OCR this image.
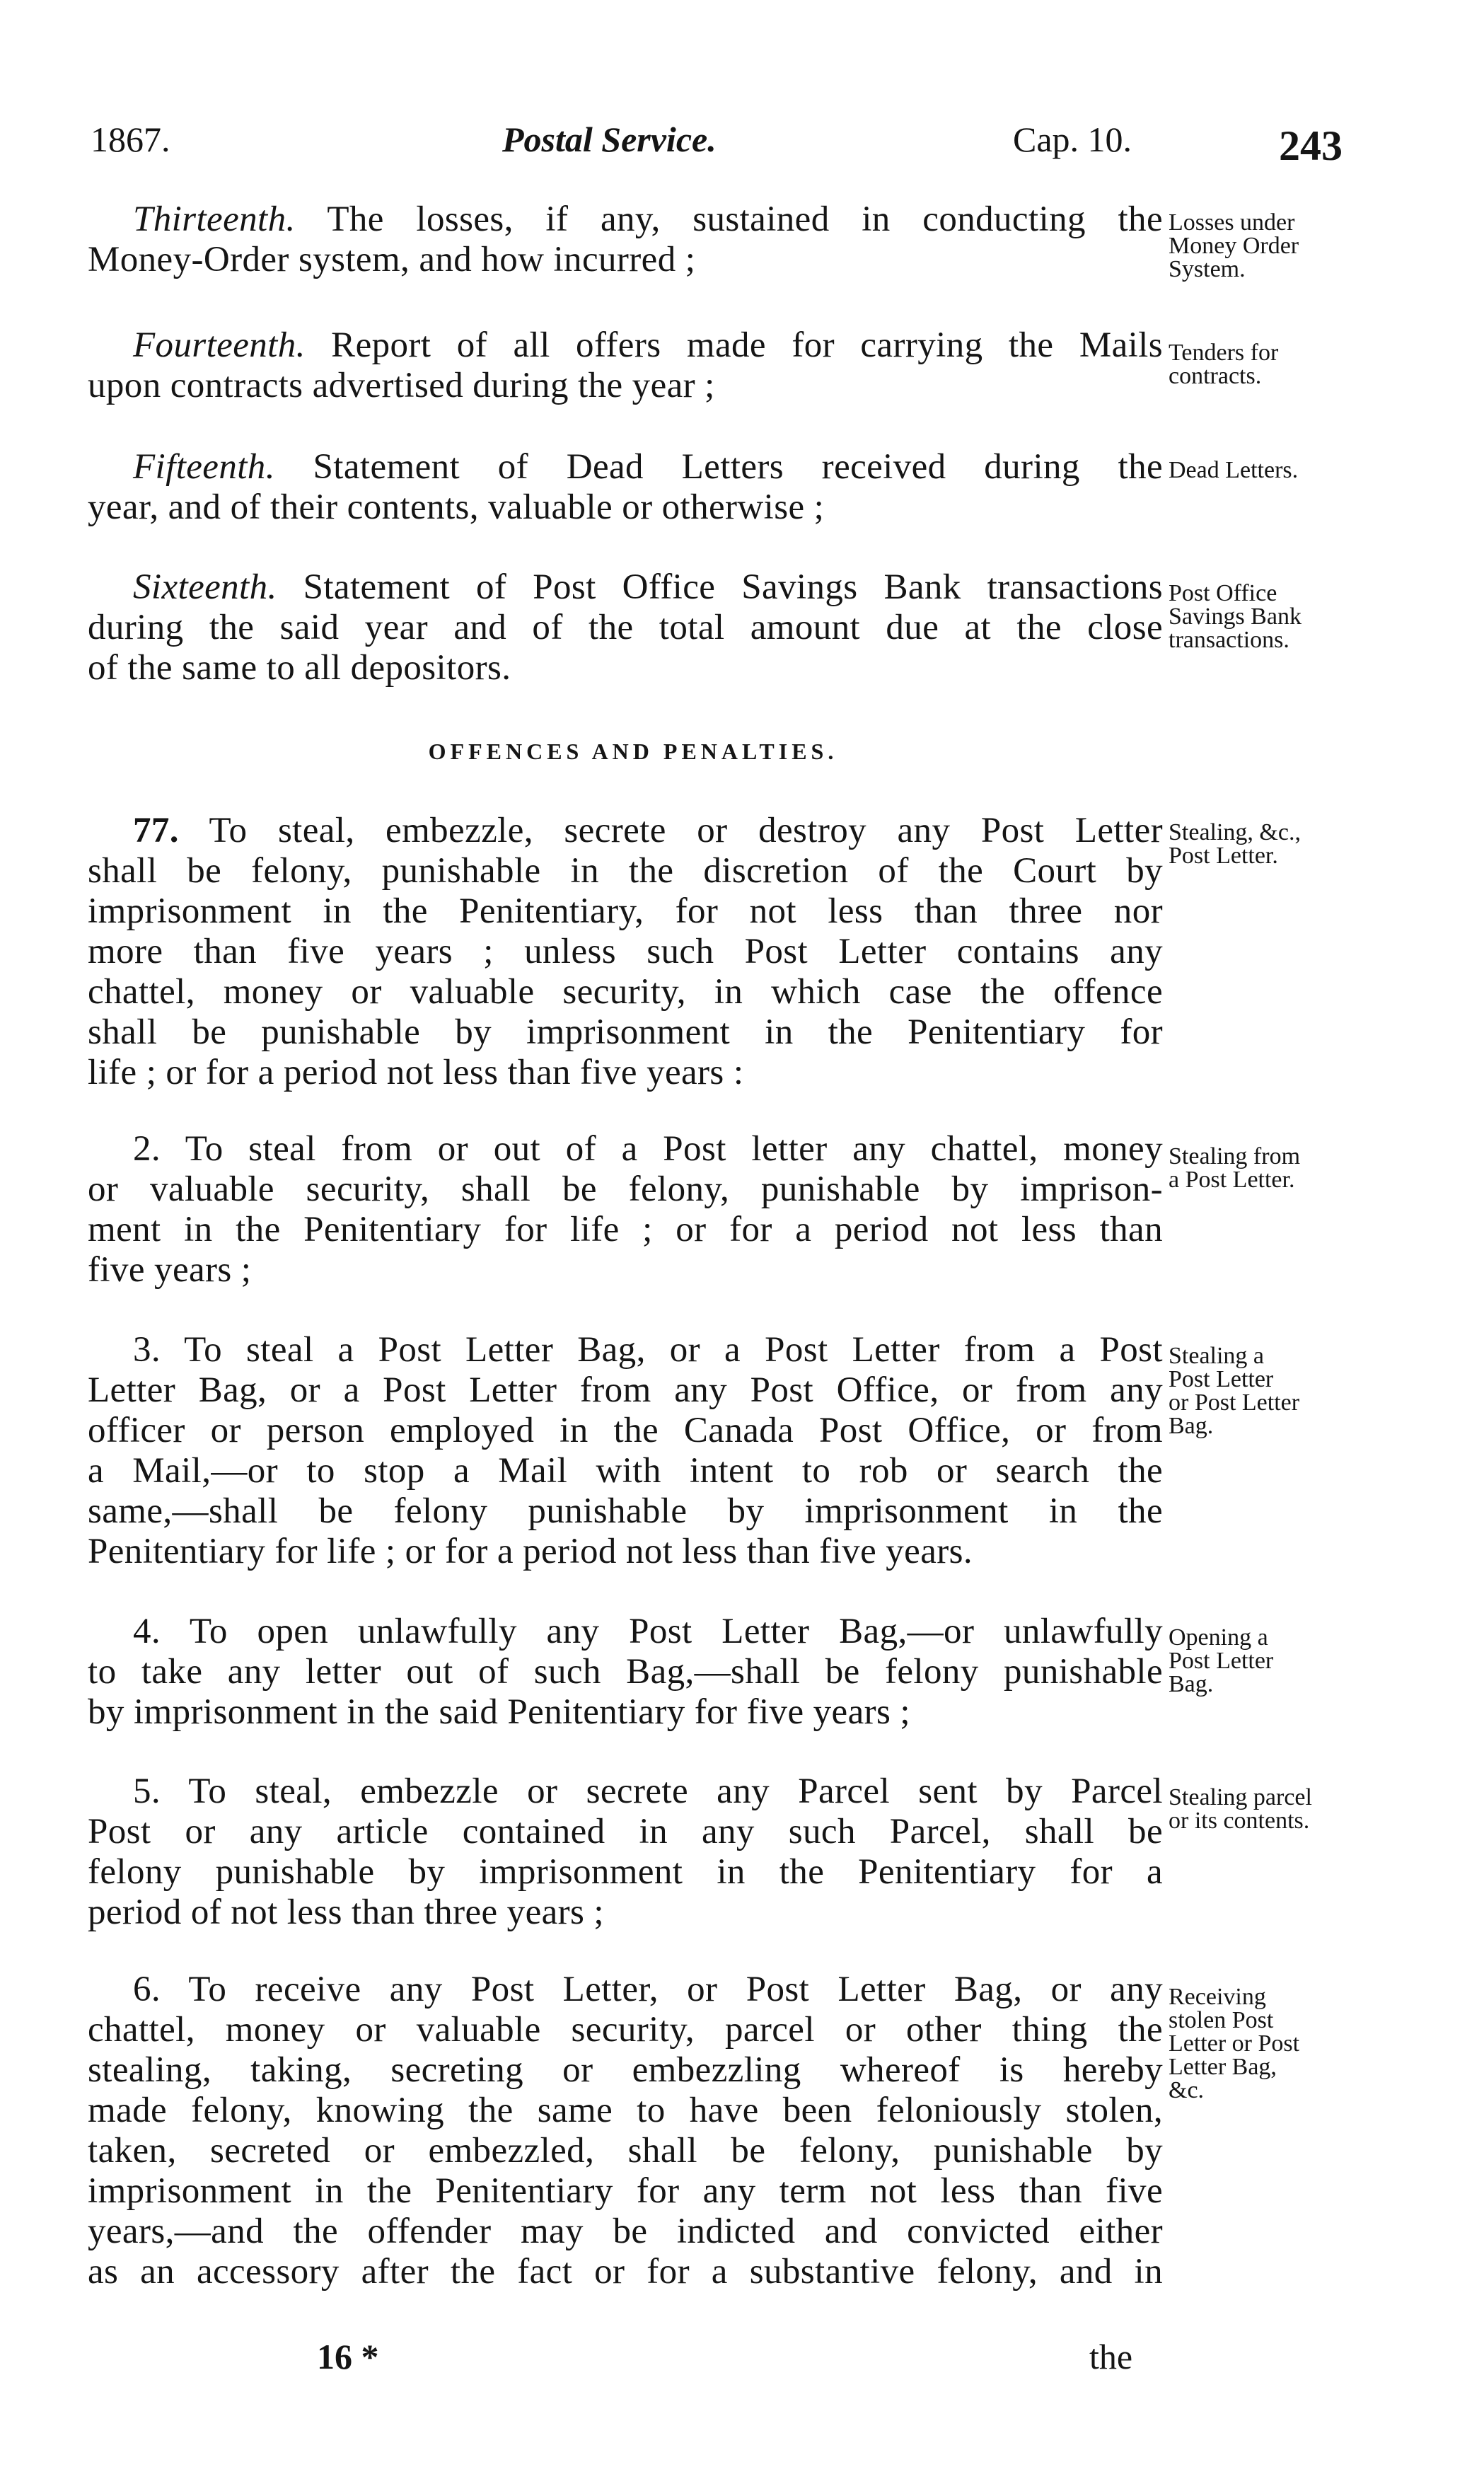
1867.	Postal Service.	Cap. 10.	243
Thirteenth. The losses, if any, sustained in conducting the
Money-Order system, and how incurred ;
Losses under
Money Order
System.
Fourteenth. Report of all offers made for carrying the Mails
upon contracts advertised during the year ;
Tenders for
contracts.
Fifteenth. Statement of Dead Letters received during the
year, and of their contents, valuable or otherwise ;
Dead Letters.
Sixteenth. Statement of Post Office Savings Bank transactions
during the said year and of the total amount due at the close
of the same to all depositors.
Post Office
Savings Bank
transactions.
OFFENCES AND PENALTIES.
77. To steal, embezzle, secrete or destroy any Post Letter
shall be felony, punishable in the discretion of the Court by
imprisonment in the Penitentiary, for not less than three nor
more than five years ; unless such Post Letter contains any
chattel, money or valuable security, in which case the offence
shall be punishable by imprisonment in the Penitentiary for
life ; or for a period not less than five years :
Stealing, &c.,
Post Letter.
2. To steal from or out of a Post letter any chattel, money
or valuable security, shall be felony, punishable by imprison-
ment in the Penitentiary for life ; or for a period not less than
five years ;
Stealing from
a Post Letter.
3. To steal a Post Letter Bag, or a Post Letter from a Post
Letter Bag, or a Post Letter from any Post Office, or from any
officer or person employed in the Canada Post Office, or from
a Mail,—or to stop a Mail with intent to rob or search the
same,—shall be felony punishable by imprisonment in the
Penitentiary for life ; or for a period not less than five years.
Stealing a
Post Letter
or Post Letter
Bag.
4. To open unlawfully any Post Letter Bag,—or unlawfully
to take any letter out of such Bag,—shall be felony punishable
by imprisonment in the said Penitentiary for five years ;
Opening a
Post Letter
Bag.
5. To steal, embezzle or secrete any Parcel sent by Parcel
Post or any article contained in any such Parcel, shall be
felony punishable by imprisonment in the Penitentiary for a
period of not less than three years ;
Stealing parcel
or its contents.
6. To receive any Post Letter, or Post Letter Bag, or any
chattel, money or valuable security, parcel or other thing the
stealing, taking, secreting or embezzling whereof is hereby
made felony, knowing the same to have been feloniously stolen,
taken, secreted or embezzled, shall be felony, punishable by
imprisonment in the Penitentiary for any term not less than five
years,—and the offender may be indicted and convicted either
as an accessory after the fact or for a substantive felony, and in
Receiving
stolen Post
Letter or Post
Letter Bag,
&c.
16 *	the
